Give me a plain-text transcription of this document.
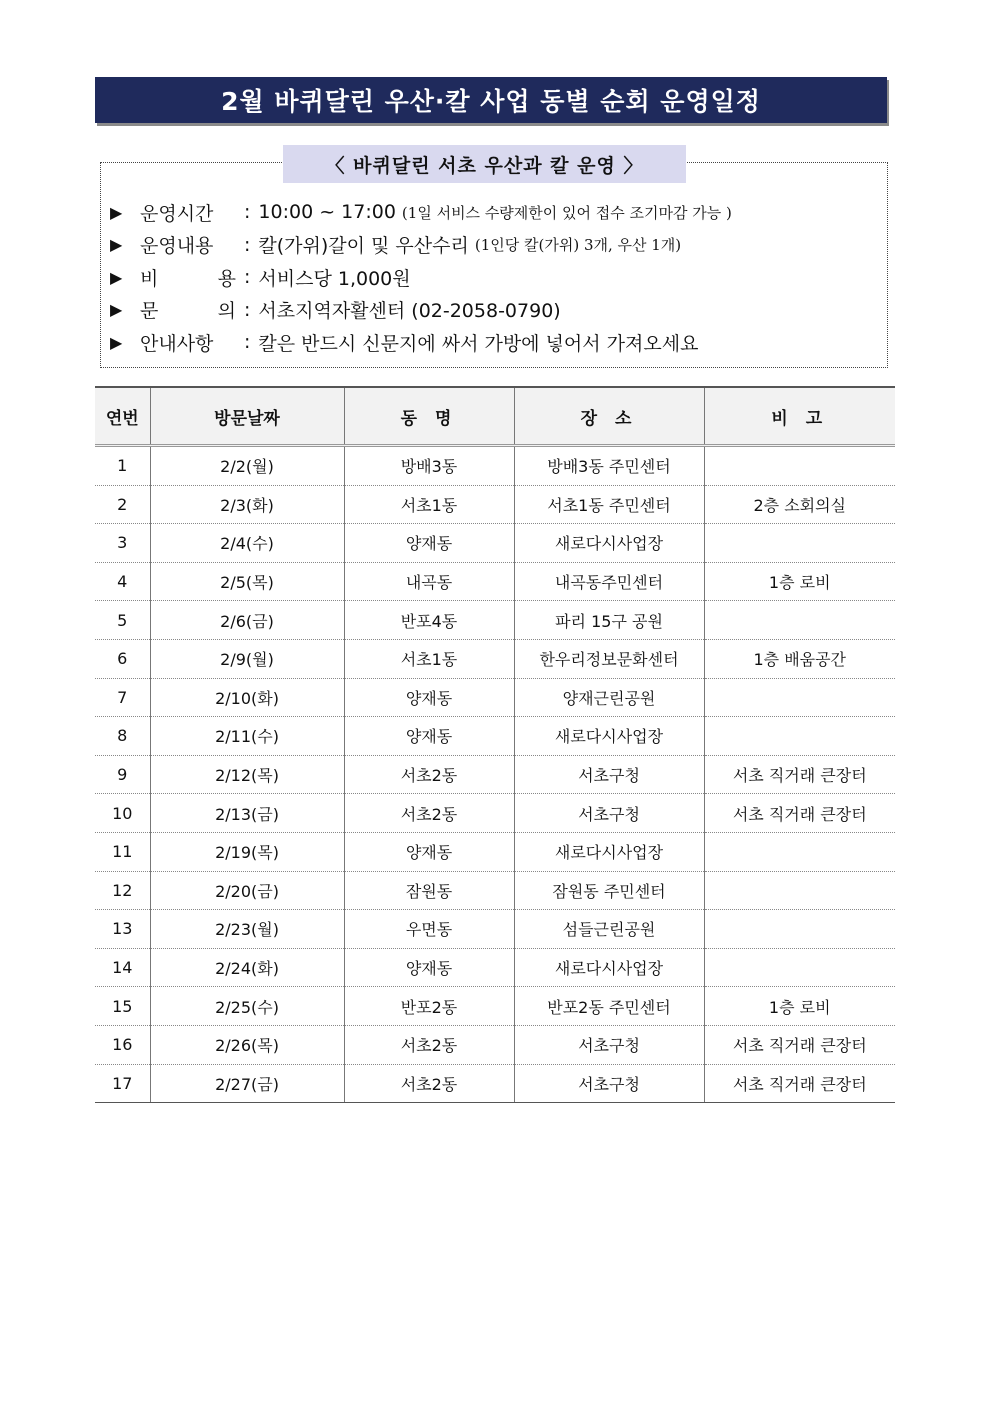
2월 바퀴달린 우산·칼 사업 동별 순회 운영일정
〈 바퀴달린 서초 우산과 칼 운영 〉
▶ 운영시간	: 10:00 ~ 17:00 (1일 서비스 수량제한이 있어 접수 조기마감 가능 )
▶ 운영내용	: 칼(가위)갈이 및 우산수리 (1인당 칼(가위) 3개, 우산 1개)
▶ 비 용 : 서비스당 1,000원
▶ 문 의 : 서초지역자활센터 (02-2058-0790)
▶ 안내사항	: 칼은 반드시 신문지에 싸서 가방에 넣어서 가져오세요
연번	방문날짜	동 명	장 소	비 고
1	2/2(월)	방배3동	방배3동 주민센터	
2	2/3(화)	서초1동	서초1동 주민센터	2층 소회의실
3	2/4(수)	양재동	새로다시사업장	
4	2/5(목)	내곡동	내곡동주민센터	1층 로비
5	2/6(금)	반포4동	파리 15구 공원	
6	2/9(월)	서초1동	한우리정보문화센터	1층 배움공간
7	2/10(화)	양재동	양재근린공원	
8	2/11(수)	양재동	새로다시사업장	
9	2/12(목)	서초2동	서초구청	서초 직거래 큰장터
10	2/13(금)	서초2동	서초구청	서초 직거래 큰장터
11	2/19(목)	양재동	새로다시사업장	
12	2/20(금)	잠원동	잠원동 주민센터	
13	2/23(월)	우면동	섬들근린공원	
14	2/24(화)	양재동	새로다시사업장	
15	2/25(수)	반포2동	반포2동 주민센터	1층 로비
16	2/26(목)	서초2동	서초구청	서초 직거래 큰장터
17	2/27(금)	서초2동	서초구청	서초 직거래 큰장터
